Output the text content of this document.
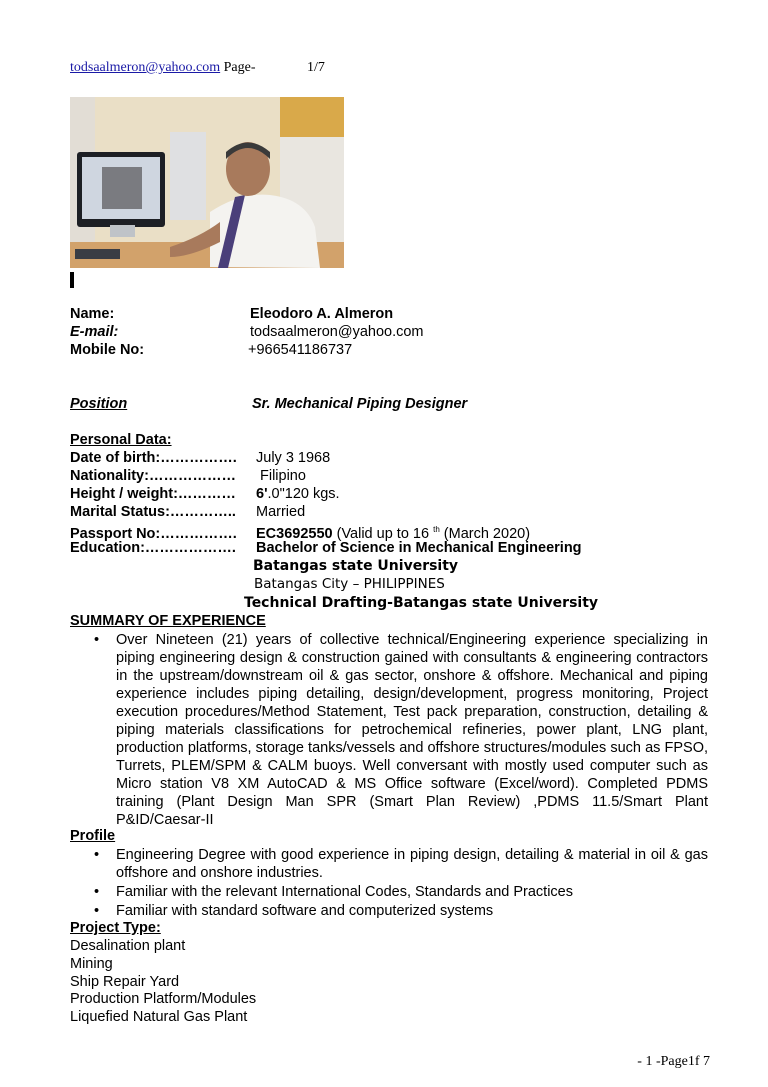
todsaalmeron@yahoo.com Page-	1/7
Name:	Eleodoro A. Almeron
E-mail:	todsaalmeron@yahoo.com
Mobile No:	+966541186737
Position	Sr. Mechanical Piping Designer
Personal Data:
Date of birth:……………. July 3 1968
Nationality:……………… Filipino
Height / weight:………… 6'.0"120 kgs.
Marital Status:………….. Married
Passport No:……………. EC3692550 (Valid up to 16 $^{th}$ (March 2020)
Education:………………. Bachelor of Science in Mechanical Engineering
Batangas state University
Batangas City – PHILIPPINES
Technical Drafting-Batangas state University
SUMMARY OF EXPERIENCE
• Over Nineteen (21) years of collective technical/Engineering experience specializing in piping engineering design & construction gained with consultants & engineering contractors in the upstream/downstream oil & gas sector, onshore & offshore. Mechanical and piping experience includes piping detailing, design/development, progress monitoring, Project execution procedures/Method Statement, Test pack preparation, construction, detailing & piping materials classifications for petrochemical refineries, power plant, LNG plant, production platforms, storage tanks/vessels and offshore structures/modules such as FPSO, Turrets, PLEM/SPM & CALM buoys. Well conversant with mostly used computer such as Micro station V8 XM AutoCAD & MS Office software (Excel/word). Completed PDMS training (Plant Design Man SPR (Smart Plan Review) ,PDMS 11.5/Smart Plant P&ID/Caesar-II
Profile
• Engineering Degree with good experience in piping design, detailing & material in oil & gas offshore and onshore industries.
• Familiar with the relevant International Codes, Standards and Practices
• Familiar with standard software and computerized systems
Project Type:
Desalination plant
Mining
Ship Repair Yard
Production Platform/Modules
Liquefied Natural Gas Plant
- 1 -Page1f 7
